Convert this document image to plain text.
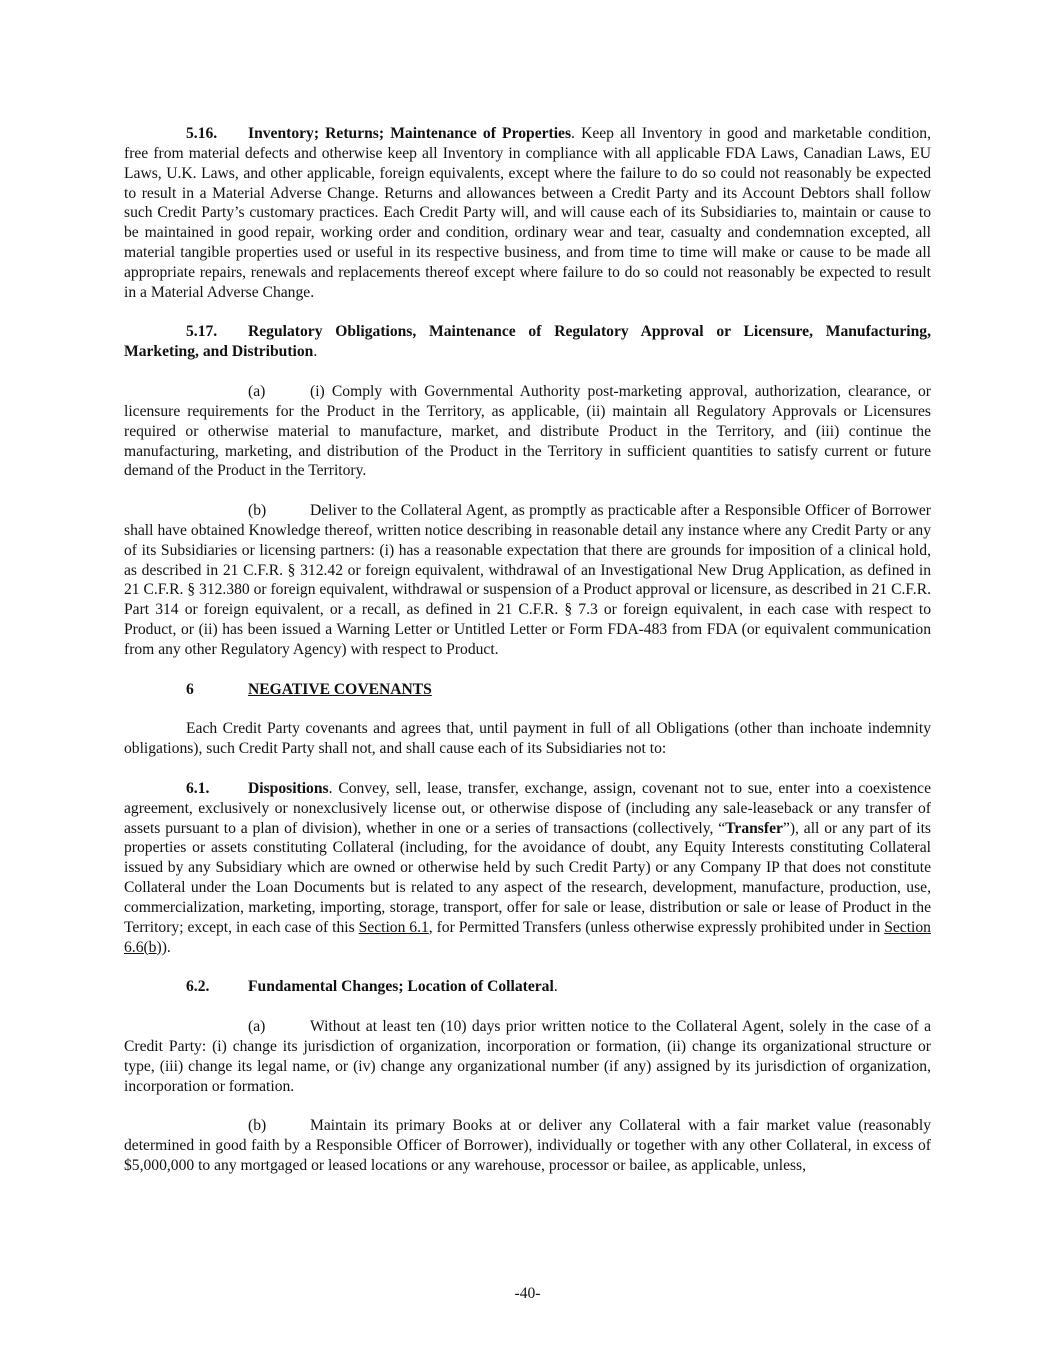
5.16. Inventory; Returns; Maintenance of Properties. Keep all Inventory in good and marketable condition, free from material defects and otherwise keep all Inventory in compliance with all applicable FDA Laws, Canadian Laws, EU Laws, U.K. Laws, and other applicable, foreign equivalents, except where the failure to do so could not reasonably be expected to result in a Material Adverse Change. Returns and allowances between a Credit Party and its Account Debtors shall follow such Credit Party’s customary practices. Each Credit Party will, and will cause each of its Subsidiaries to, maintain or cause to be maintained in good repair, working order and condition, ordinary wear and tear, casualty and condemnation excepted, all material tangible properties used or useful in its respective business, and from time to time will make or cause to be made all appropriate repairs, renewals and replacements thereof except where failure to do so could not reasonably be expected to result in a Material Adverse Change.

5.17. Regulatory Obligations, Maintenance of Regulatory Approval or Licensure, Manufacturing, Marketing, and Distribution.

(a)	(i) Comply with Governmental Authority post-marketing approval, authorization, clearance, or licensure requirements for the Product in the Territory, as applicable, (ii) maintain all Regulatory Approvals or Licensures required or otherwise material to manufacture, market, and distribute Product in the Territory, and (iii) continue the manufacturing, marketing, and distribution of the Product in the Territory in sufficient quantities to satisfy current or future demand of the Product in the Territory.

(b)	Deliver to the Collateral Agent, as promptly as practicable after a Responsible Officer of Borrower shall have obtained Knowledge thereof, written notice describing in reasonable detail any instance where any Credit Party or any of its Subsidiaries or licensing partners: (i) has a reasonable expectation that there are grounds for imposition of a clinical hold, as described in 21 C.F.R. § 312.42 or foreign equivalent, withdrawal of an Investigational New Drug Application, as defined in 21 C.F.R. § 312.380 or foreign equivalent, withdrawal or suspension of a Product approval or licensure, as described in 21 C.F.R. Part 314 or foreign equivalent, or a recall, as defined in 21 C.F.R. § 7.3 or foreign equivalent, in each case with respect to Product, or (ii) has been issued a Warning Letter or Untitled Letter or Form FDA-483 from FDA (or equivalent communication from any other Regulatory Agency) with respect to Product.

6	NEGATIVE COVENANTS

Each Credit Party covenants and agrees that, until payment in full of all Obligations (other than inchoate indemnity obligations), such Credit Party shall not, and shall cause each of its Subsidiaries not to:

6.1. Dispositions. Convey, sell, lease, transfer, exchange, assign, covenant not to sue, enter into a coexistence agreement, exclusively or nonexclusively license out, or otherwise dispose of (including any sale-leaseback or any transfer of assets pursuant to a plan of division), whether in one or a series of transactions (collectively, “Transfer”), all or any part of its properties or assets constituting Collateral (including, for the avoidance of doubt, any Equity Interests constituting Collateral issued by any Subsidiary which are owned or otherwise held by such Credit Party) or any Company IP that does not constitute Collateral under the Loan Documents but is related to any aspect of the research, development, manufacture, production, use, commercialization, marketing, importing, storage, transport, offer for sale or lease, distribution or sale or lease of Product in the Territory; except, in each case of this Section 6.1, for Permitted Transfers (unless otherwise expressly prohibited under in Section 6.6(b)).

6.2. Fundamental Changes; Location of Collateral.

(a)	Without at least ten (10) days prior written notice to the Collateral Agent, solely in the case of a Credit Party: (i) change its jurisdiction of organization, incorporation or formation, (ii) change its organizational structure or type, (iii) change its legal name, or (iv) change any organizational number (if any) assigned by its jurisdiction of organization, incorporation or formation.

(b)	Maintain its primary Books at or deliver any Collateral with a fair market value (reasonably determined in good faith by a Responsible Officer of Borrower), individually or together with any other Collateral, in excess of $5,000,000 to any mortgaged or leased locations or any warehouse, processor or bailee, as applicable, unless,

-40-
